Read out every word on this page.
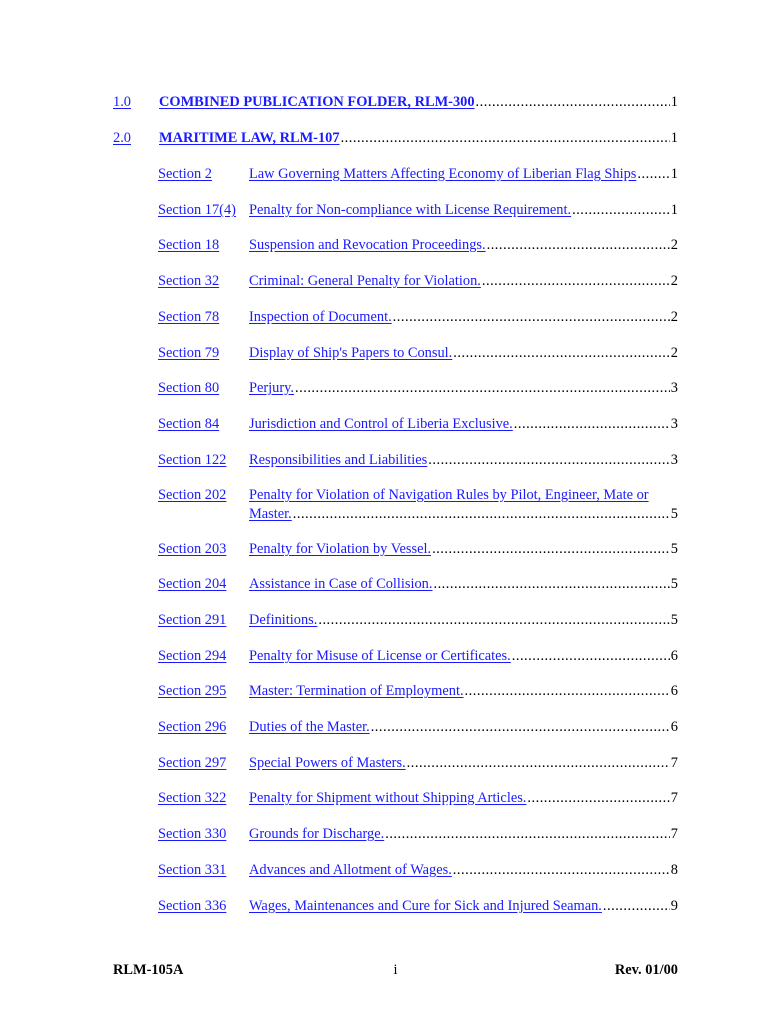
1.0 COMBINED PUBLICATION FOLDER, RLM-300 .....	1
2.0 MARITIME LAW, RLM-107 .....	1
Section 2	Law Governing Matters Affecting Economy of Liberian Flag Ships ..... 1
Section 17(4) Penalty for Non-compliance with License Requirement. .....	1
Section 18 Suspension and Revocation Proceedings. .....	2
Section 32 Criminal: General Penalty for Violation. .....	2
Section 78 Inspection of Document. .....	2
Section 79 Display of Ship's Papers to Consul. .....	2
Section 80 Perjury. .....	3
Section 84 Jurisdiction and Control of Liberia Exclusive. .....	3
Section 122 Responsibilities and Liabilities .....	3
Section 202 Penalty for Violation of Navigation Rules by Pilot, Engineer, Mate or
Master. .....	5
Section 203 Penalty for Violation by Vessel. .....	5
Section 204 Assistance in Case of Collision. .....	5
Section 291 Definitions. .....	5
Section 294 Penalty for Misuse of License or Certificates. .....	6
Section 295 Master: Termination of Employment. .....	6
Section 296 Duties of the Master. .....	6
Section 297 Special Powers of Masters. .....	7
Section 322 Penalty for Shipment without Shipping Articles. .....	7
Section 330 Grounds for Discharge. .....	7
Section 331 Advances and Allotment of Wages. .....	8
Section 336 Wages, Maintenances and Cure for Sick and Injured Seaman. .....	9
RLM-105A	i	Rev. 01/00
